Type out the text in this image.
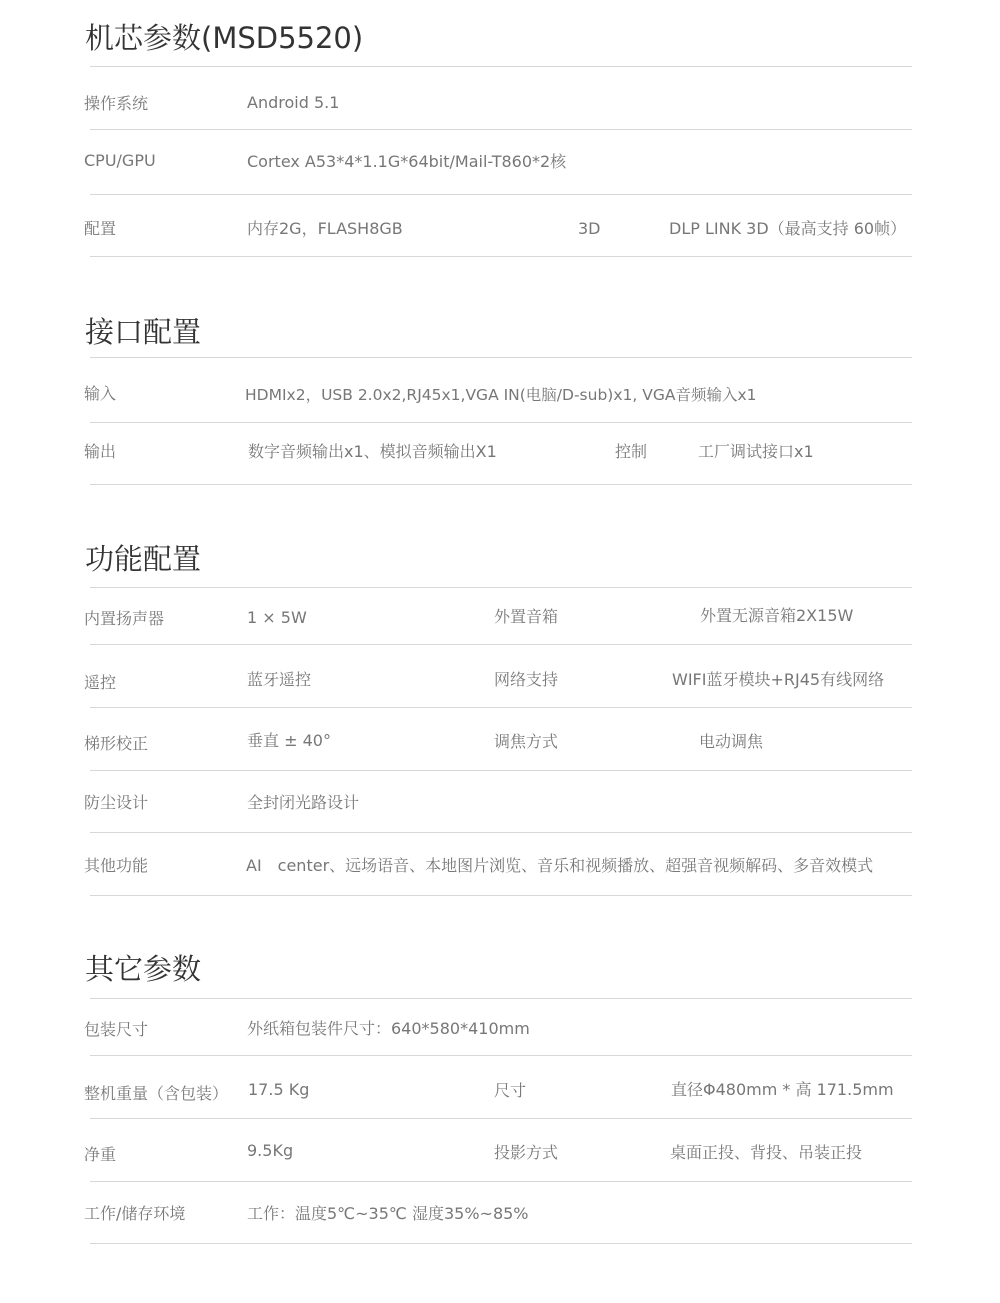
机芯参数(MSD5520)
操作系统	Android 5.1
CPU/GPU	Cortex A53*4*1.1G*64bit/Mail-T860*2核
配置	内存2G，FLASH8GB	3D	DLP LINK 3D（最高支持 60帧）
接口配置
输入	HDMIx2，USB 2.0x2,RJ45x1,VGA IN(电脑/D-sub)x1, VGA音频输入x1
输出	数字音频输出x1、模拟音频输出X1	控制	工厂调试接口x1
功能配置
内置扬声器	1 × 5W	外置音箱	外置无源音箱2X15W
遥控	蓝牙遥控	网络支持	WIFI蓝牙模块+RJ45有线网络
梯形校正	垂直 ± 40°	调焦方式	电动调焦
防尘设计	全封闭光路设计
其他功能	AI　center、远场语音、本地图片浏览、音乐和视频播放、超强音视频解码、多音效模式
其它参数
包装尺寸	外纸箱包装件尺寸：640*580*410mm
整机重量（含包装） 17.5 Kg	尺寸	直径Φ480mm * 高 171.5mm
净重	9.5Kg	投影方式	桌面正投、背投、吊装正投
工作/储存环境	工作：温度5℃~35℃ 湿度35%~85%
